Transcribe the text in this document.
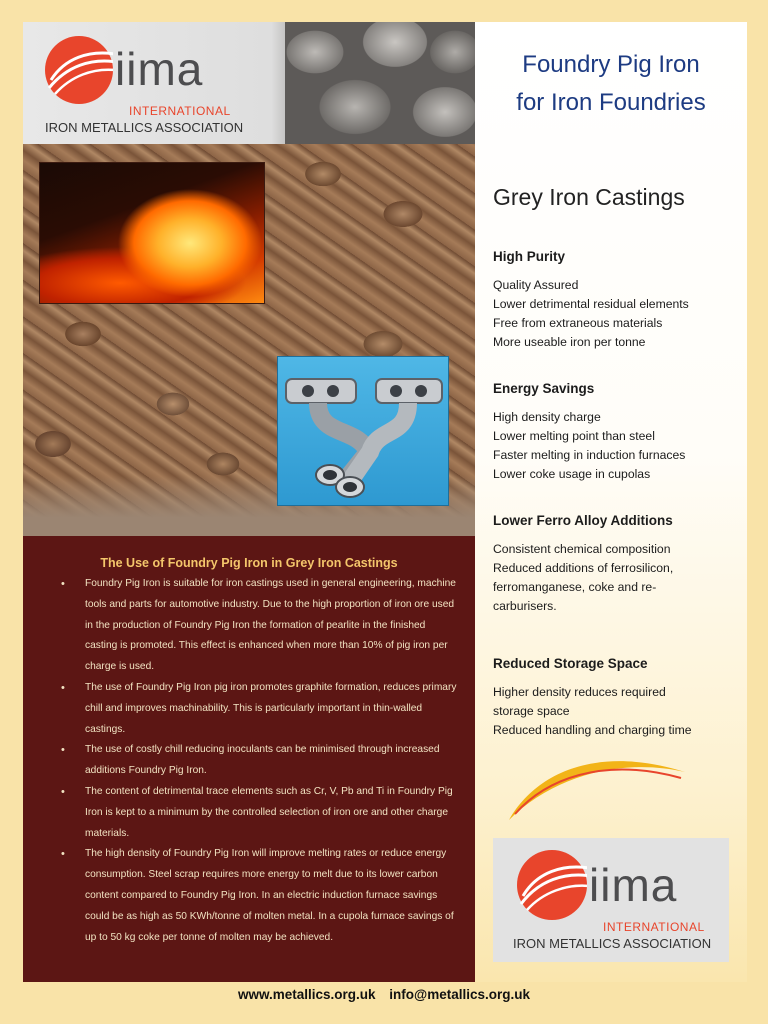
iima
INTERNATIONAL
IRON METALLICS ASSOCIATION
The Use of Foundry Pig Iron in Grey Iron Castings
• Foundry Pig Iron is suitable for iron castings used in general engineering, machine tools and parts for automotive industry. Due to the high proportion of iron ore used in the production of Foundry Pig Iron the formation of pearlite in the finished casting is promoted. This effect is enhanced when more than 10% of pig iron per charge is used.
• The use of Foundry Pig Iron pig iron promotes graphite formation, reduces primary chill and improves machinability. This is particularly important in thin-walled castings.
• The use of costly chill reducing inoculants can be minimised through increased additions Foundry Pig Iron.
• The content of detrimental trace elements such as Cr, V, Pb and Ti in Foundry Pig Iron is kept to a minimum by the controlled selection of iron ore and other charge materials.
• The high density of Foundry Pig Iron will improve melting rates or reduce energy consumption. Steel scrap requires more energy to melt due to its lower carbon content compared to Foundry Pig Iron. In an electric induction furnace savings could be as high as 50 KWh/tonne of molten metal. In a cupola furnace savings of up to 50 kg coke per tonne of molten may be achieved.
Foundry Pig Iron
for Iron Foundries
Grey Iron Castings
High Purity

Quality Assured

Lower detrimental residual elements

Free from extraneous materials

More useable iron per tonne

Energy Savings

High density charge

Lower melting point than steel

Faster melting in induction furnaces

Lower coke usage in cupolas

Lower Ferro Alloy Additions

Consistent chemical composition

Reduced additions of ferrosilicon,

ferromanganese, coke and re-

carburisers.

Reduced Storage Space

Higher density reduces required

storage space

Reduced handling and charging time

iima
INTERNATIONAL
IRON METALLICS ASSOCIATION
www.metallics.org.uk info@metallics.org.uk
